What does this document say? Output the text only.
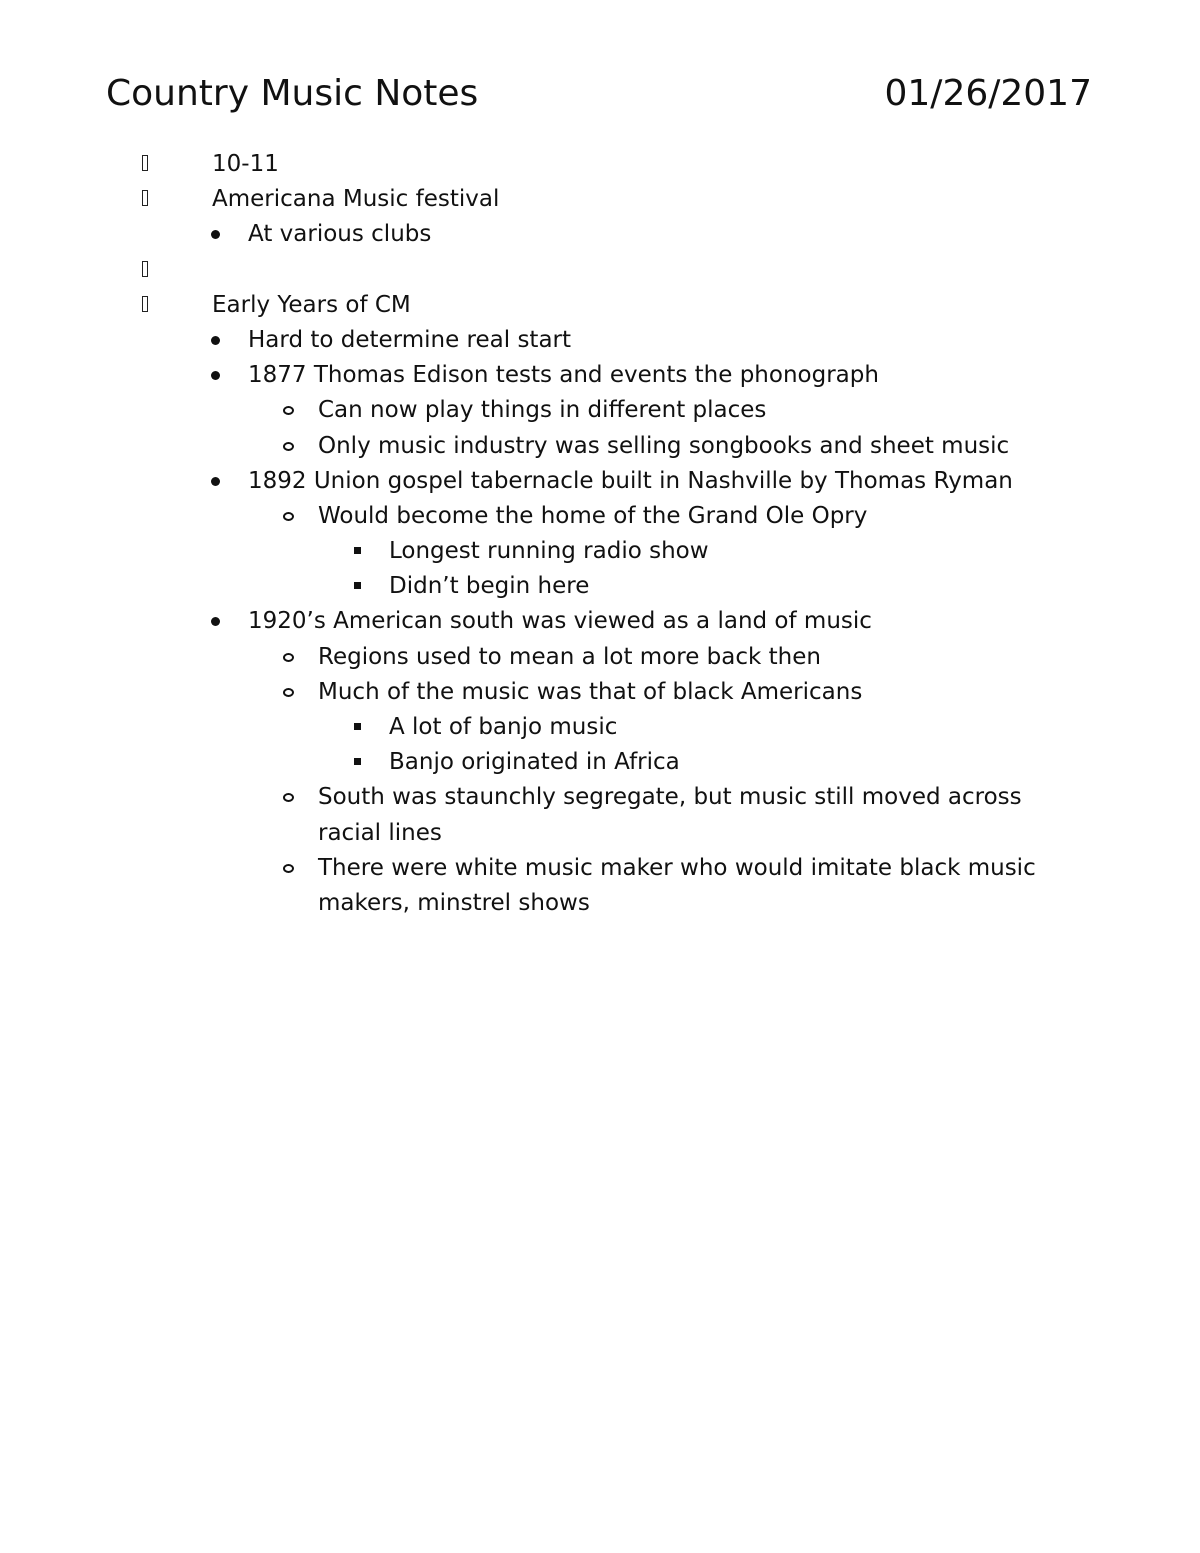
Country Music Notes	01/26/2017
10-11
Americana Music festival
At various clubs
Early Years of CM
Hard to determine real start
1877 Thomas Edison tests and events the phonograph
Can now play things in different places
Only music industry was selling songbooks and sheet music
1892 Union gospel tabernacle built in Nashville by Thomas Ryman
Would become the home of the Grand Ole Opry
Longest running radio show
Didn’t begin here
1920’s American south was viewed as a land of music
Regions used to mean a lot more back then
Much of the music was that of black Americans
A lot of banjo music
Banjo originated in Africa
South was staunchly segregate, but music still moved across
racial lines
There were white music maker who would imitate black music
makers, minstrel shows
